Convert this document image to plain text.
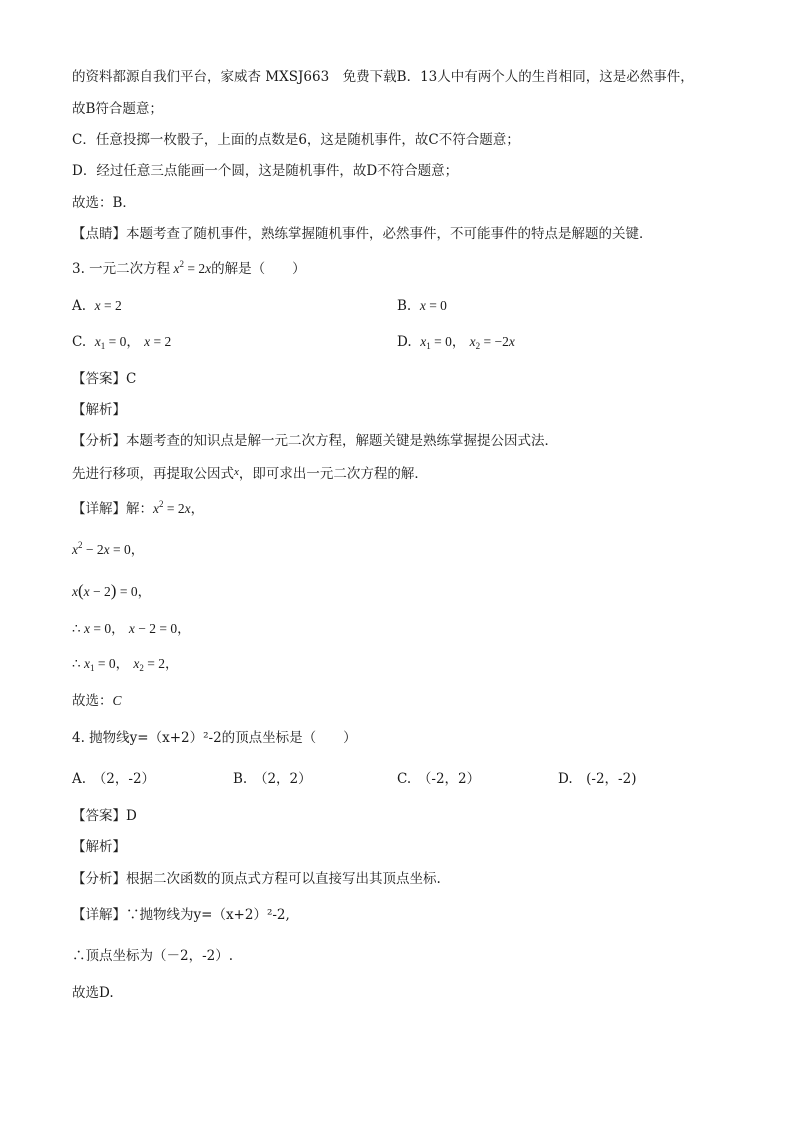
的资料都源自我们平台，家威杏 MXSJ663　免费下载B．13人中有两个人的生肖相同，这是必然事件，
故B符合题意；
C．任意投掷一枚骰子，上面的点数是6，这是随机事件，故C不符合题意；
D．经过任意三点能画一个圆，这是随机事件，故D不符合题意；
故选：B．
【点睛】本题考查了随机事件，熟练掌握随机事件，必然事件，不可能事件的特点是解题的关键．
3. 一元二次方程 $x^2 = 2x$的解是（　　）
A. x = 2	B. x = 0
C. $x_1 = 0$， x = 2	D. $x_1 = 0$， $x_2 = -2x$
【答案】C
【解析】
【分析】本题考查的知识点是解一元二次方程，解题关键是熟练掌握提公因式法．
先进行移项，再提取公因式$^x$，即可求出一元二次方程的解．
【详解】解：$x^2 = 2x$，
$x^2 - 2x = 0$，
x(x − 2) = 0，
∴ x = 0， x − 2 = 0，
∴ $x_1 = 0$， $x_2 = 2$，
故选：C
4. 抛物线y=（x+2）²-2的顶点坐标是（　　）
A.　（2，-2）	B.　（2，2）	C.　（-2，2）	D.　(-2，-2)
【答案】D
【解析】
【分析】根据二次函数的顶点式方程可以直接写出其顶点坐标.
【详解】∵抛物线为y=（x+2）²-2,
∴顶点坐标为（－2，-2）.
故选D.
